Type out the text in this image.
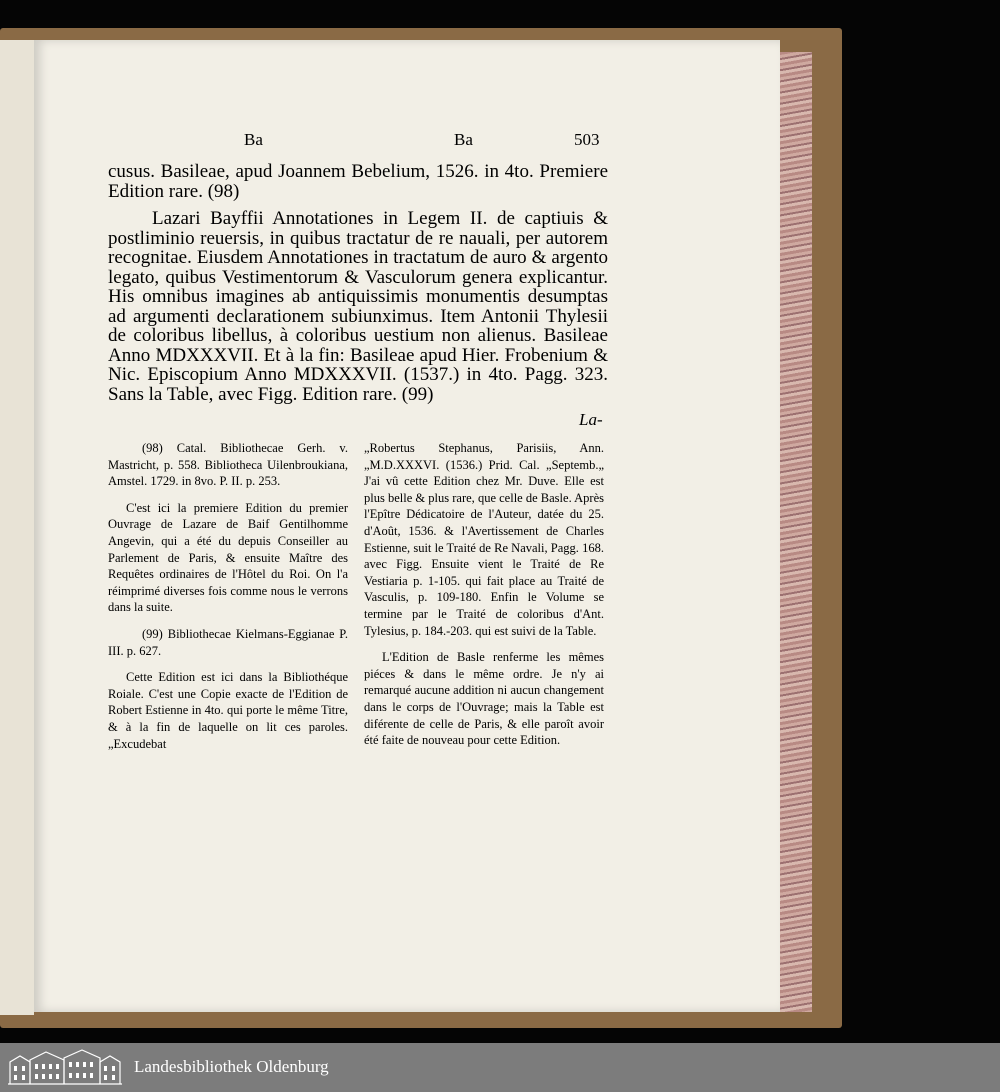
Ba	Ba	503

cusus. Basileae, apud Joannem Bebelium, 1526. in 4to. Premiere Edition rare. (98)

Lazari Bayffii Annotationes in Legem II. de captiuis & postliminio reuersis, in quibus tractatur de re nauali, per autorem recognitae. Eiusdem Annotationes in tractatum de auro & argento legato, quibus Vestimentorum & Vasculorum genera explicantur. His omnibus imagines ab antiquissimis monumentis desumptas ad argumenti declarationem subiunximus. Item Antonii Thylesii de coloribus libellus, à coloribus uestium non alienus. Basileae Anno MDXXXVII. Et à la fin: Basileae apud Hier. Frobenium & Nic. Episcopium Anno MDXXXVII. (1537.) in 4to. Pagg. 323. Sans la Table, avec Figg. Edition rare. (99)

La-

(98) Catal. Bibliothecae Gerh. v. Mastricht, p. 558. Bibliotheca Uilenbroukiana, Amstel. 1729. in 8vo. P. II. p. 253.

C'est ici la premiere Edition du premier Ouvrage de Lazare de Baif Gentilhomme Angevin, qui a été du depuis Conseiller au Parlement de Paris, & ensuite Maître des Requêtes ordinaires de l'Hôtel du Roi. On l'a réimprimé diverses fois comme nous le verrons dans la suite.

(99) Bibliothecae Kielmans-Eggianae P. III. p. 627.

Cette Edition est ici dans la Bibliothéque Roiale. C'est une Copie exacte de l'Edition de Robert Estienne in 4to. qui porte le même Titre, & à la fin de laquelle on lit ces paroles. „Excudebat

„Robertus Stephanus, Parisiis, Ann. „M.D.XXXVI. (1536.) Prid. Cal. „Septemb.„ J'ai vû cette Edition chez Mr. Duve. Elle est plus belle & plus rare, que celle de Basle. Après l'Epître Dédicatoire de l'Auteur, datée du 25. d'Août, 1536. & l'Avertissement de Charles Estienne, suit le Traité de Re Navali, Pagg. 168. avec Figg. Ensuite vient le Traité de Re Vestiaria p. 1-105. qui fait place au Traité de Vasculis, p. 109-180. Enfin le Volume se termine par le Traité de coloribus d'Ant. Tylesius, p. 184.-203. qui est suivi de la Table.

L'Edition de Basle renferme les mêmes piéces & dans le même ordre. Je n'y ai remarqué aucune addition ni aucun changement dans le corps de l'Ouvrage; mais la Table est diférente de celle de Paris, & elle paroît avoir été faite de nouveau pour cette Edition.

Landesbibliothek Oldenburg
